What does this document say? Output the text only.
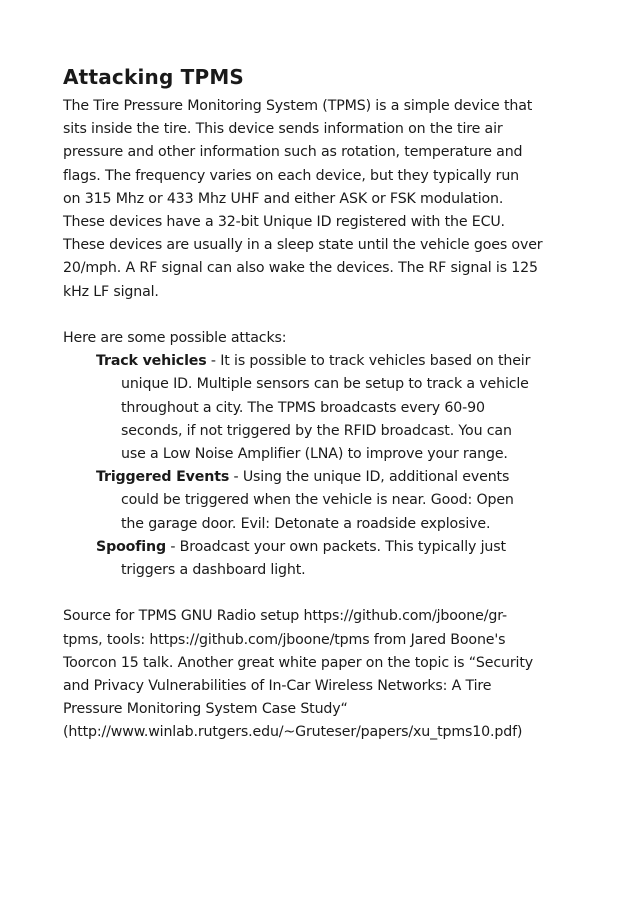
Attacking TPMS

The Tire Pressure Monitoring System (TPMS) is a simple device that
sits inside the tire. This device sends information on the tire air
pressure and other information such as rotation, temperature and
flags. The frequency varies on each device, but they typically run
on 315 Mhz or 433 Mhz UHF and either ASK or FSK modulation.
These devices have a 32-bit Unique ID registered with the ECU.
These devices are usually in a sleep state until the vehicle goes over
20/mph. A RF signal can also wake the devices. The RF signal is 125
kHz LF signal.

Here are some possible attacks:

Track vehicles - It is possible to track vehicles based on their
unique ID. Multiple sensors can be setup to track a vehicle
throughout a city. The TPMS broadcasts every 60-90
seconds, if not triggered by the RFID broadcast. You can
use a Low Noise Amplifier (LNA) to improve your range.
Triggered Events - Using the unique ID, additional events
could be triggered when the vehicle is near. Good: Open
the garage door. Evil: Detonate a roadside explosive.
Spoofing - Broadcast your own packets. This typically just
triggers a dashboard light.

Source for TPMS GNU Radio setup https://github.com/jboone/gr-
tpms, tools: https://github.com/jboone/tpms from Jared Boone's
Toorcon 15 talk. Another great white paper on the topic is “Security
and Privacy Vulnerabilities of In-Car Wireless Networks: A Tire
Pressure Monitoring System Case Study“
(http://www.winlab.rutgers.edu/~Gruteser/papers/xu_tpms10.pdf)
